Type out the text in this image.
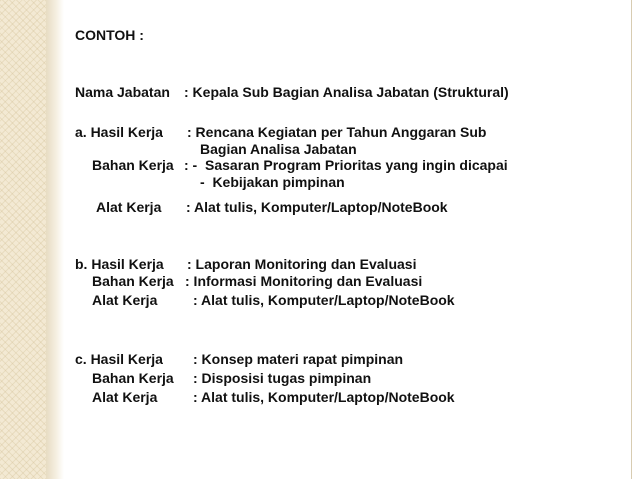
CONTOH :
Nama Jabatan : Kepala Sub Bagian Analisa Jabatan (Struktural)
a. Hasil Kerja : Rencana Kegiatan per Tahun Anggaran Sub
Bagian Analisa Jabatan
Bahan Kerja : -  Sasaran Program Prioritas yang ingin dicapai
-  Kebijakan pimpinan
Alat Kerja : Alat tulis, Komputer/Laptop/NoteBook
b. Hasil Kerja : Laporan Monitoring dan Evaluasi
Bahan Kerja : Informasi Monitoring dan Evaluasi
Alat Kerja	: Alat tulis, Komputer/Laptop/NoteBook
c. Hasil Kerja : Konsep materi rapat pimpinan
Bahan Kerja : Disposisi tugas pimpinan
Alat Kerja	: Alat tulis, Komputer/Laptop/NoteBook
